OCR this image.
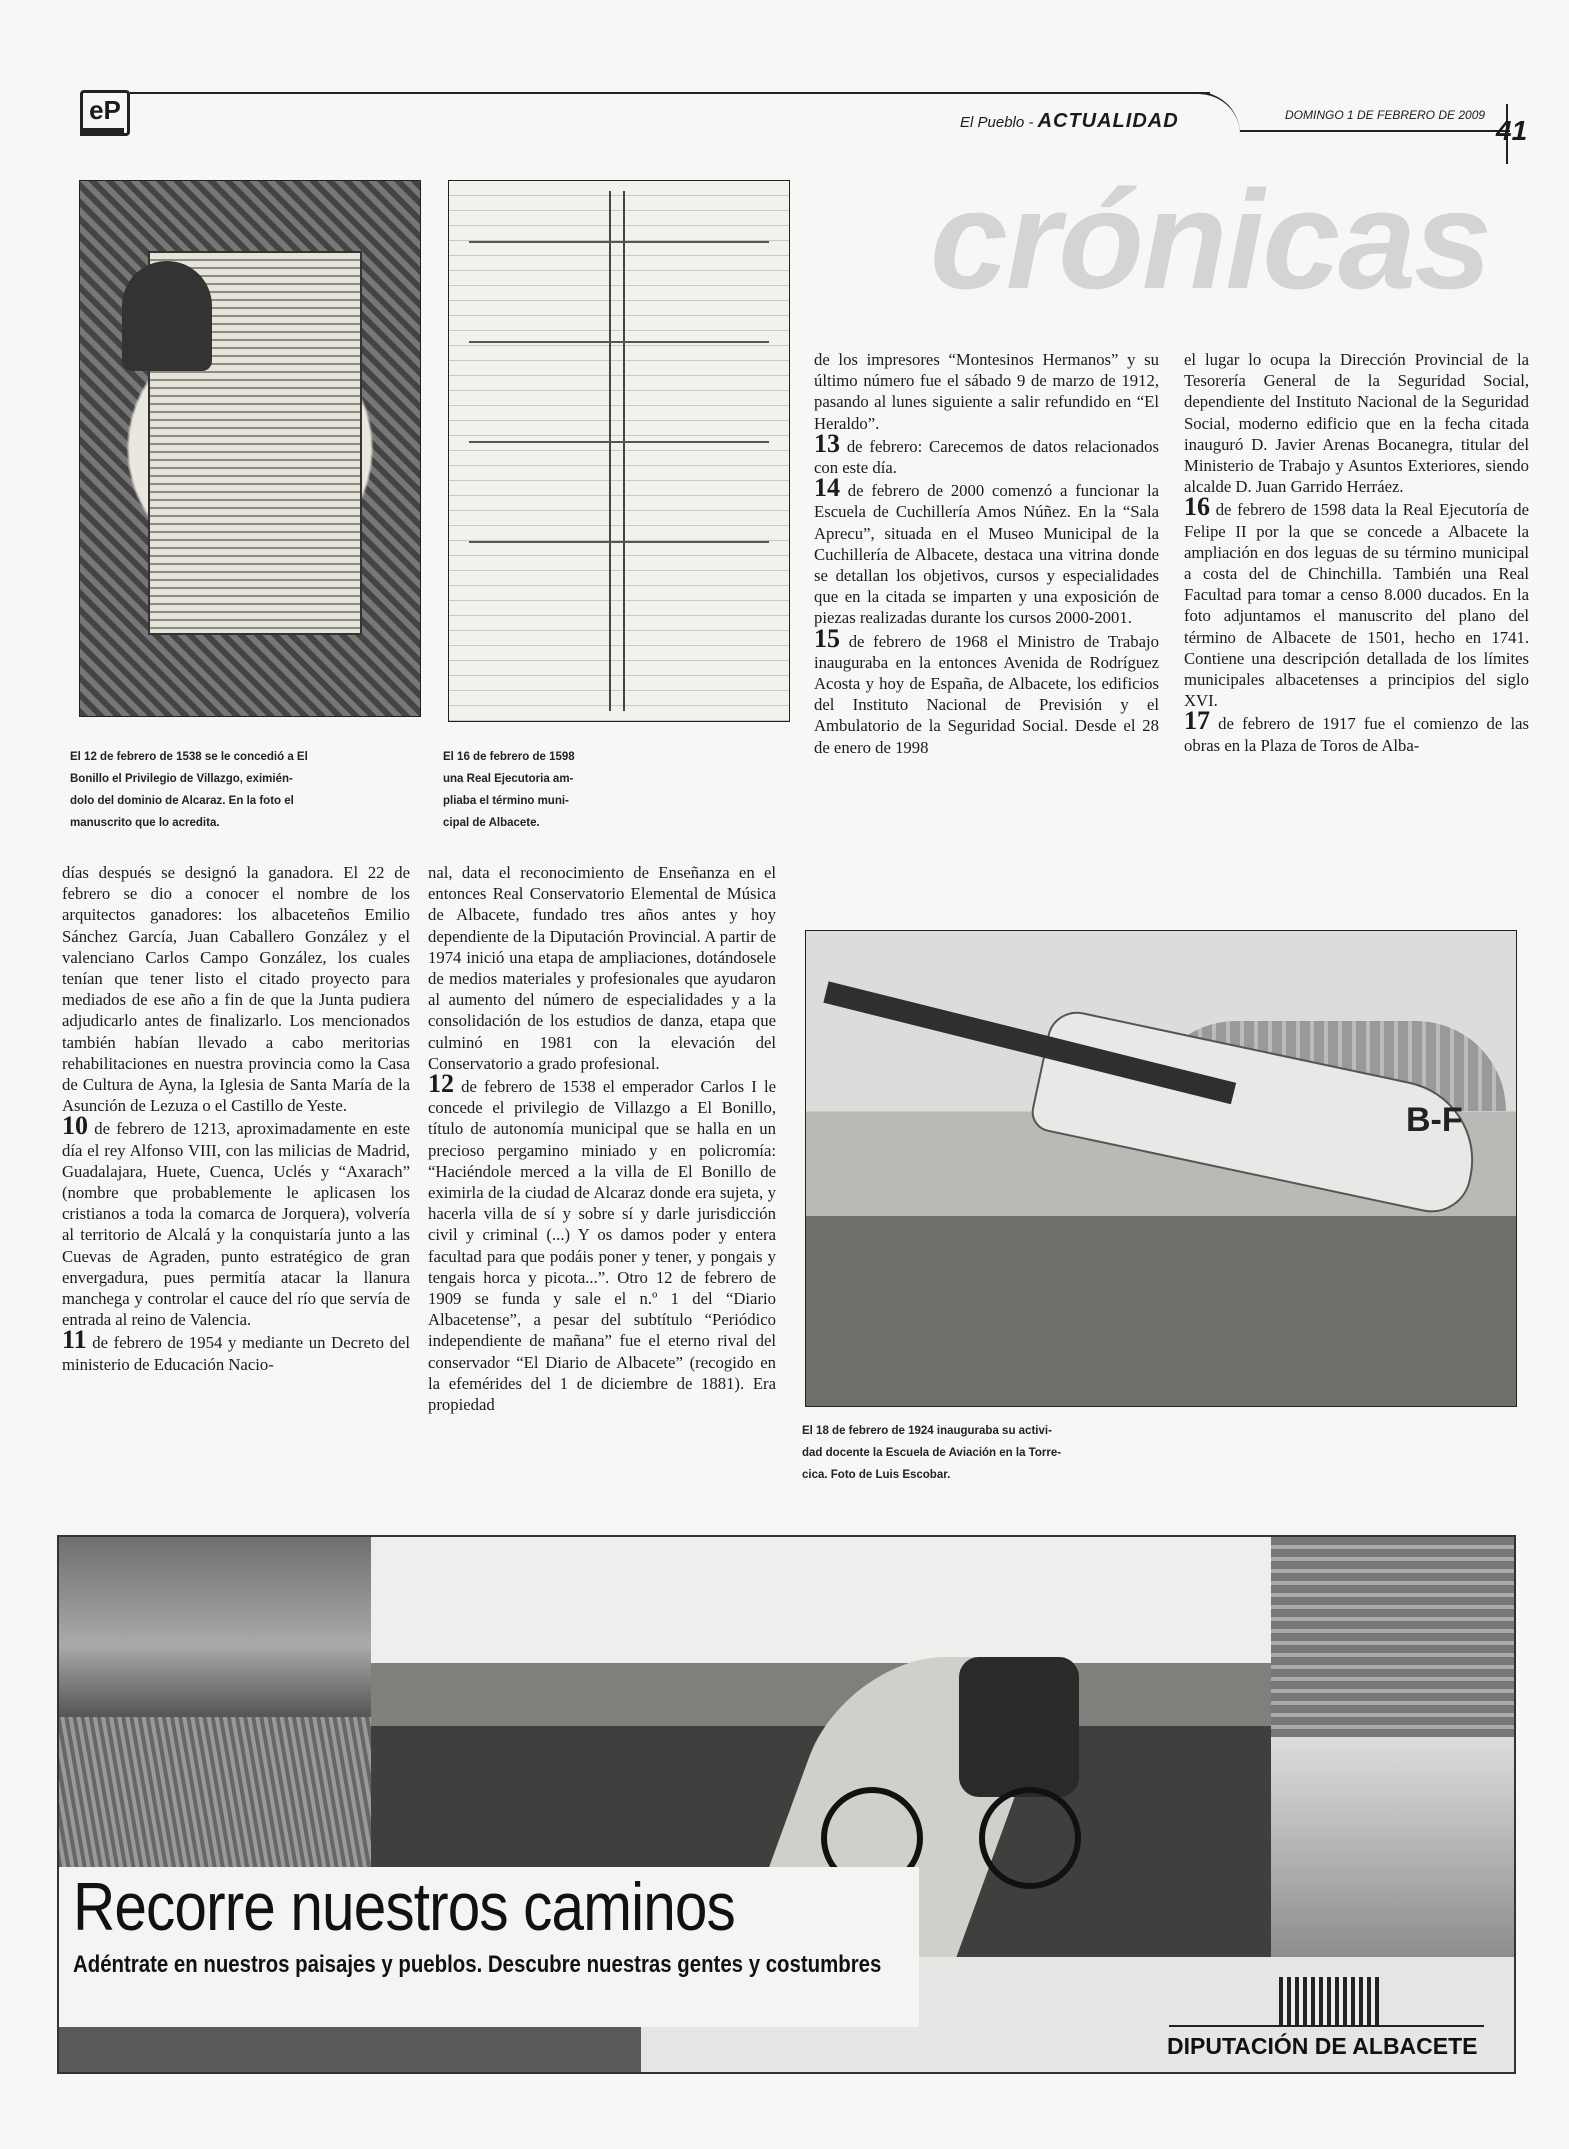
eP	El Pueblo - ACTUALIDAD	DOMINGO 1 DE FEBRERO DE 2009 41
crónicas
El 12 de febrero de 1538 se le concedió a El
Bonillo el Privilegio de Villazgo, eximién-
dolo del dominio de Alcaraz. En la foto el
manuscrito que lo acredita.
El 16 de febrero de 1598
una Real Ejecutoria am-
pliaba el término muni-
cipal de Albacete.

de los impresores “Montesinos Hermanos” y su último número fue el sábado 9 de marzo de 1912, pasando al lunes siguiente a salir refundido en “El Heraldo”.

13 de febrero: Carecemos de datos relacionados con este día.

14 de febrero de 2000 comenzó a funcionar la Escuela de Cuchillería Amos Núñez. En la “Sala Aprecu”, situada en el Museo Municipal de la Cuchillería de Albacete, destaca una vitrina donde se detallan los objetivos, cursos y especialidades que en la citada se imparten y una exposición de piezas realizadas durante los cursos 2000-2001.

15 de febrero de 1968 el Ministro de Trabajo inauguraba en la entonces Avenida de Rodríguez Acosta y hoy de España, de Albacete, los edificios del Instituto Nacional de Previsión y el Ambulatorio de la Seguridad Social. Desde el 28 de enero de 1998

el lugar lo ocupa la Dirección Provincial de la Tesorería General de la Seguridad Social, dependiente del Instituto Nacional de la Seguridad Social, moderno edificio que en la fecha citada inauguró D. Javier Arenas Bocanegra, titular del Ministerio de Trabajo y Asuntos Exteriores, siendo alcalde D. Juan Garrido Herráez.

16 de febrero de 1598 data la Real Ejecutoría de Felipe II por la que se concede a Albacete la ampliación en dos leguas de su término municipal a costa del de Chinchilla. También una Real Facultad para tomar a censo 8.000 ducados. En la foto adjuntamos el manuscrito del plano del término de Albacete de 1501, hecho en 1741. Contiene una descripción detallada de los límites municipales albacetenses a principios del siglo XVI.

17 de febrero de 1917 fue el comienzo de las obras en la Plaza de Toros de Alba-

días después se designó la ganadora. El 22 de febrero se dio a conocer el nombre de los arquitectos ganadores: los albaceteños Emilio Sánchez García, Juan Caballero González y el valenciano Carlos Campo González, los cuales tenían que tener listo el citado proyecto para mediados de ese año a fin de que la Junta pudiera adjudicarlo antes de finalizarlo. Los mencionados también habían llevado a cabo meritorias rehabilitaciones en nuestra provincia como la Casa de Cultura de Ayna, la Iglesia de Santa María de la Asunción de Lezuza o el Castillo de Yeste.

10 de febrero de 1213, aproximadamente en este día el rey Alfonso VIII, con las milicias de Madrid, Guadalajara, Huete, Cuenca, Uclés y “Axarach” (nombre que probablemente le aplicasen los cristianos a toda la comarca de Jorquera), volvería al territorio de Alcalá y la conquistaría junto a las Cuevas de Agraden, punto estratégico de gran envergadura, pues permitía atacar la llanura manchega y controlar el cauce del río que servía de entrada al reino de Valencia.

11 de febrero de 1954 y mediante un Decreto del ministerio de Educación Nacio-

nal, data el reconocimiento de Enseñanza en el entonces Real Conservatorio Elemental de Música de Albacete, fundado tres años antes y hoy dependiente de la Diputación Provincial. A partir de 1974 inició una etapa de ampliaciones, dotándosele de medios materiales y profesionales que ayudaron al aumento del número de especialidades y a la consolidación de los estudios de danza, etapa que culminó en 1981 con la elevación del Conservatorio a grado profesional.

12 de febrero de 1538 el emperador Carlos I le concede el privilegio de Villazgo a El Bonillo, título de autonomía municipal que se halla en un precioso pergamino miniado y en policromía: “Haciéndole merced a la villa de El Bonillo de eximirla de la ciudad de Alcaraz donde era sujeta, y hacerla villa de sí y sobre sí y darle jurisdicción civil y criminal (...) Y os damos poder y entera facultad para que podáis poner y tener, y pongais y tengais horca y picota...”. Otro 12 de febrero de 1909 se funda y sale el n.º 1 del “Diario Albacetense”, a pesar del subtítulo “Periódico independiente de mañana” fue el eterno rival del conservador “El Diario de Albacete” (recogido en la efemérides del 1 de diciembre de 1881). Era propiedad

B-F
El 18 de febrero de 1924 inauguraba su activi-
dad docente la Escuela de Aviación en la Torre-
cica. Foto de Luis Escobar.
Recorre nuestros caminos
Adéntrate en nuestros paisajes y pueblos. Descubre nuestras gentes y costumbres
DIPUTACIÓN DE ALBACETE
